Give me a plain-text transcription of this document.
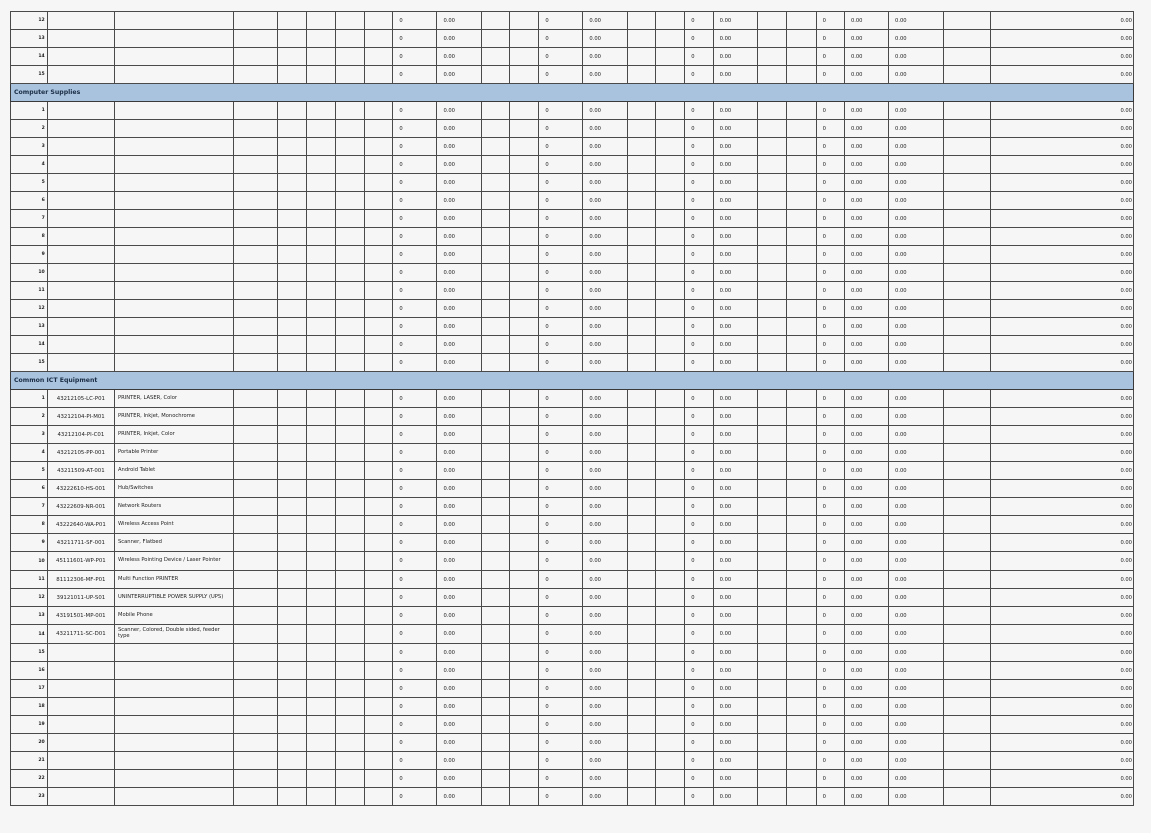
12								0	0.00			0	0.00			0	0.00			0	0.00	0.00		0.00
13								0	0.00			0	0.00			0	0.00			0	0.00	0.00		0.00
14								0	0.00			0	0.00			0	0.00			0	0.00	0.00		0.00
15								0	0.00			0	0.00			0	0.00			0	0.00	0.00		0.00
Computer Supplies																								
1								0	0.00			0	0.00			0	0.00			0	0.00	0.00		0.00
2								0	0.00			0	0.00			0	0.00			0	0.00	0.00		0.00
3								0	0.00			0	0.00			0	0.00			0	0.00	0.00		0.00
4								0	0.00			0	0.00			0	0.00			0	0.00	0.00		0.00
5								0	0.00			0	0.00			0	0.00			0	0.00	0.00		0.00
6								0	0.00			0	0.00			0	0.00			0	0.00	0.00		0.00
7								0	0.00			0	0.00			0	0.00			0	0.00	0.00		0.00
8								0	0.00			0	0.00			0	0.00			0	0.00	0.00		0.00
9								0	0.00			0	0.00			0	0.00			0	0.00	0.00		0.00
10								0	0.00			0	0.00			0	0.00			0	0.00	0.00		0.00
11								0	0.00			0	0.00			0	0.00			0	0.00	0.00		0.00
12								0	0.00			0	0.00			0	0.00			0	0.00	0.00		0.00
13								0	0.00			0	0.00			0	0.00			0	0.00	0.00		0.00
14								0	0.00			0	0.00			0	0.00			0	0.00	0.00		0.00
15								0	0.00			0	0.00			0	0.00			0	0.00	0.00		0.00
Common ICT Equipment																								
1	43212105-LC-P01	PRINTER, LASER, Color						0	0.00			0	0.00			0	0.00			0	0.00	0.00		0.00
2	43212104-PI-M01	PRINTER, Inkjet, Monochrome						0	0.00			0	0.00			0	0.00			0	0.00	0.00		0.00
3	43212104-PI-C01	PRINTER, Inkjet, Color						0	0.00			0	0.00			0	0.00			0	0.00	0.00		0.00
4	43212105-PP-001	Portable Printer						0	0.00			0	0.00			0	0.00			0	0.00	0.00		0.00
5	43211509-AT-001	Android Tablet						0	0.00			0	0.00			0	0.00			0	0.00	0.00		0.00
6	43222610-HS-001	Hub/Switches						0	0.00			0	0.00			0	0.00			0	0.00	0.00		0.00
7	43222609-NR-001	Network Routers						0	0.00			0	0.00			0	0.00			0	0.00	0.00		0.00
8	43222640-WA-P01	Wireless Access Point						0	0.00			0	0.00			0	0.00			0	0.00	0.00		0.00
9	43211711-SF-001	Scanner, Flatbed						0	0.00			0	0.00			0	0.00			0	0.00	0.00		0.00
10	45111601-WP-P01	Wireless Pointing Device / Laser Pointer						0	0.00			0	0.00			0	0.00			0	0.00	0.00		0.00
11	81112306-MF-P01	Multi Function PRINTER						0	0.00			0	0.00			0	0.00			0	0.00	0.00		0.00
12	39121011-UP-S01	UNINTERRUPTIBLE POWER SUPPLY (UPS)						0	0.00			0	0.00			0	0.00			0	0.00	0.00		0.00
13	43191501-MP-001	Mobile Phone						0	0.00			0	0.00			0	0.00			0	0.00	0.00		0.00
14	43211711-SC-D01	Scanner, Colored, Double sided, feeder type						0	0.00			0	0.00			0	0.00			0	0.00	0.00		0.00
15								0	0.00			0	0.00			0	0.00			0	0.00	0.00		0.00
16								0	0.00			0	0.00			0	0.00			0	0.00	0.00		0.00
17								0	0.00			0	0.00			0	0.00			0	0.00	0.00		0.00
18								0	0.00			0	0.00			0	0.00			0	0.00	0.00		0.00
19								0	0.00			0	0.00			0	0.00			0	0.00	0.00		0.00
20								0	0.00			0	0.00			0	0.00			0	0.00	0.00		0.00
21								0	0.00			0	0.00			0	0.00			0	0.00	0.00		0.00
22								0	0.00			0	0.00			0	0.00			0	0.00	0.00		0.00
23								0	0.00			0	0.00			0	0.00			0	0.00	0.00		0.00
